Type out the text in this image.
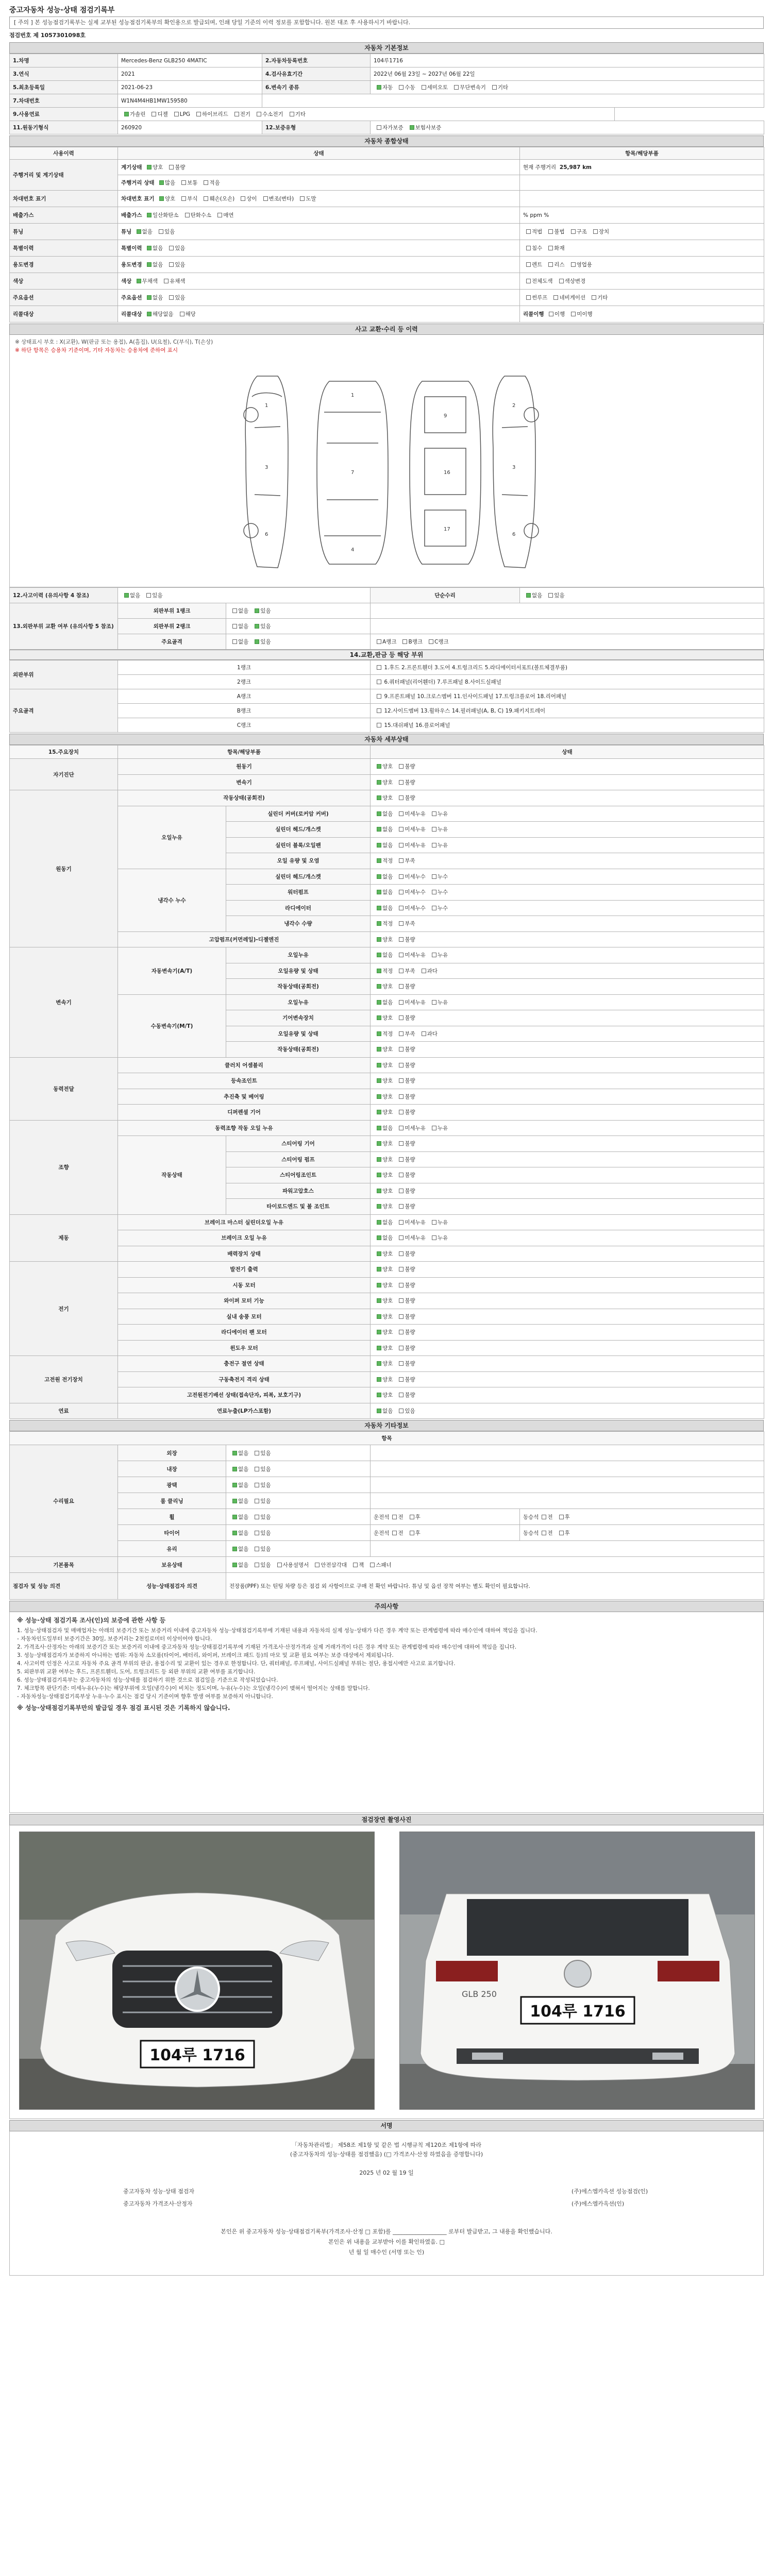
중고자동차 성능·상태 점검기록부
[ 주의 ] 본 성능점검기록부는 실제 교부된 성능점검기록부의 확인용으로 발급되며, 인쇄 당일 기준의 이력 정보를 포함합니다. 원본 대조 후 사용하시기 바랍니다.
점검번호 제 1057301098호
자동차 기본정보
1.차명	Mercedes-Benz GLB250 4MATIC	2.자동차등록번호	104루1716
3.연식	2021	4.검사유효기간	2022년 06월 23일 ~ 2027년 06월 22일
5.최초등록일	2021-06-23	6.변속기 종류	자동 수동 세미오토 무단변속기 기타
7.차대번호	W1N4M4HB1MW159580		
9.사용연료	가솔린 디젤 LPG 하이브리드 전기 수소전기 기타		
11.원동기형식	260920	12.보증유형	자가보증 보험사보증
자동차 종합상태
사용이력	상태	항목/해당부품
주행거리 및 계기상태	계기상태 양호 불량	현재 주행거리 25,987 km
	주행거리 상태 많음 보통 적음	
차대번호 표기	차대번호 표기 양호 부식 훼손(오손) 상이 변조(변타) 도말	
배출가스	배출가스 일산화탄소 탄화수소 매연	% ppm %
튜닝	튜닝 없음 있음	적법 불법 구조 장치
특별이력	특별이력 없음 있음	침수 화재
용도변경	용도변경 없음 있음	렌트 리스 영업용
색상	색상 무채색 유채색	전체도색 색상변경
주요옵션	주요옵션 없음 있음	썬루프 네비게이션 기타
리콜대상	리콜대상 해당없음 해당	리콜이행 이행 미이행
사고 교환·수리 등 이력
※ 상태표시 부호 : X(교환), W(판금 또는 용접), A(흠집), U(요철), C(부식), T(손상)
※ 하단 항목은 승용차 기준이며, 기타 자동차는 승용차에 준하여 표시
1
3
6
1
7
4
9
16
17
2
3
6
12.사고이력 (유의사항 4 참조)	없음 있음		단순수리	없음 있음
13.외판부위 교환 여부 (유의사항 5 참조)	외판부위 1랭크	없음 있음		
	외판부위 2랭크	없음 있음		
	주요골격	없음 있음	A랭크 B랭크 C랭크	
14.교환,판금 등 해당 부위
외판부위	1랭크	1.후드 2.프론트휀더 3.도어 4.트렁크리드 5.라디에이터서포트(볼트체결부품)
	2랭크	6.쿼터패널(리어휀더) 7.루프패널 8.사이드실패널
주요골격	A랭크	9.프론트패널 10.크로스멤버 11.인사이드패널 17.트렁크플로어 18.리어패널
	B랭크	12.사이드멤버 13.휠하우스 14.필러패널(A, B, C) 19.패키지트레이
	C랭크	15.대쉬패널 16.플로어패널
자동차 세부상태
15.주요장치	항목/해당부품		상태
자기진단	원동기		양호 불량
	변속기		양호 불량
원동기	작동상태(공회전)		양호 불량
	오일누유	실린더 커버(로커암 커버)	없음 미세누유 누유
		실린더 헤드/개스켓	없음 미세누유 누유
		실린더 블록/오일팬	없음 미세누유 누유
		오일 유량 및 오염	적정 부족
	냉각수 누수	실린더 헤드/개스켓	없음 미세누수 누수
		워터펌프	없음 미세누수 누수
		라디에이터	없음 미세누수 누수
		냉각수 수량	적정 부족
	고압펌프(커먼레일)-디젤엔진		양호 불량
변속기	자동변속기(A/T)	오일누유	없음 미세누유 누유
		오일유량 및 상태	적정 부족 과다
		작동상태(공회전)	양호 불량
	수동변속기(M/T)	오일누유	없음 미세누유 누유
		기어변속장치	양호 불량
		오일유량 및 상태	적정 부족 과다
		작동상태(공회전)	양호 불량
동력전달	클러치 어셈블리		양호 불량
	등속조인트		양호 불량
	추진축 및 베어링		양호 불량
	디퍼렌셜 기어		양호 불량
조향	동력조향 작동 오일 누유		없음 미세누유 누유
	작동상태	스티어링 기어	양호 불량
		스티어링 펌프	양호 불량
		스티어링조인트	양호 불량
		파워고압호스	양호 불량
		타이로드엔드 및 볼 조인트	양호 불량
제동	브레이크 마스터 실린더오일 누유		없음 미세누유 누유
	브레이크 오일 누유		없음 미세누유 누유
	배력장치 상태		양호 불량
전기	발전기 출력		양호 불량
	시동 모터		양호 불량
	와이퍼 모터 기능		양호 불량
	실내 송풍 모터		양호 불량
	라디에이터 팬 모터		양호 불량
	윈도우 모터		양호 불량
고전원 전기장치	충전구 절연 상태		양호 불량
	구동축전지 격리 상태		양호 불량
	고전원전기배선 상태(접속단자, 피복, 보호기구)		양호 불량
연료	연료누출(LP가스포함)		없음 있음
자동차 기타정보
항목				
수리필요	외장	없음 있음		
	내장	없음 있음		
	광택	없음 있음		
	룸 클리닝	없음 있음		
	휠	없음 있음	운전석 전 후	동승석 전 후
	타이어	없음 있음	운전석 전 후	동승석 전 후
	유리	없음 있음		
기본품목	보유상태	없음 있음 사용설명서 안전삼각대 잭 스패너		
점검자 및 성능 의견	성능·상태점검자 의견	전장품(PPF) 또는 틴팅 차량 등은 점검 외 사항이므로 구매 전 확인 바랍니다. 튜닝 및 옵션 장착 여부는 별도 확인이 필요합니다.		
주의사항
※ 성능·상태 점검기록 조사(인)의 보증에 관한 사항 등
1. 성능·상태점검자 및 매매업자는 아래의 보증기간 또는 보증거리 이내에 중고자동차 성능·상태점검기록부에 기재된 내용과 자동차의 실제 성능·상태가 다른 경우 계약 또는 관계법령에 따라 매수인에 대하여 책임을 집니다.
- 자동차인도일부터 보증기간은 30일, 보증거리는 2천킬로미터 이상이어야 합니다.
2. 가격조사·산정자는 아래의 보증기간 또는 보증거리 이내에 중고자동차 성능·상태점검기록부에 기재된 가격조사·산정가격과 실제 거래가격이 다른 경우 계약 또는 관계법령에 따라 매수인에 대하여 책임을 집니다.
3. 성능·상태점검자가 보증하지 아니하는 범위: 자동차 소모품(타이어, 배터리, 와이퍼, 브레이크 패드 등)의 마모 및 교환 필요 여부는 보증 대상에서 제외됩니다.
4. 사고이력 인정은 사고로 자동차 주요 골격 부위의 판금, 용접수리 및 교환이 있는 경우로 한정합니다. 단, 쿼터패널, 루프패널, 사이드실패널 부위는 절단, 용접시에만 사고로 표기합니다.
5. 외판부위 교환 여부는 후드, 프론트휀더, 도어, 트렁크리드 등 외판 부위의 교환 여부를 표기합니다.
6. 성능·상태점검기록부는 중고자동차의 성능·상태를 점검하기 위한 것으로 점검일을 기준으로 작성되었습니다.
7. 체크항목 판단기준: 미세누유(누수)는 해당부위에 오일(냉각수)이 비치는 정도이며, 누유(누수)는 오일(냉각수)이 맺혀서 떨어지는 상태를 말합니다.
- 자동차성능·상태점검기록부상 누유·누수 표시는 점검 당시 기준이며 향후 발생 여부를 보증하지 아니합니다.
※ 성능·상태점검기록부만의 발급일 경우 점검 표시된 것은 기록하지 않습니다.
점검장면 촬영사진
104루 1716
GLB 250
104루 1716
서명
「자동차관리법」 제58조 제1항 및 같은 법 시행규칙 제120조 제1항에 따라
(중고자동차의 성능·상태를 점검했음) (□ 가격조사·산정 하였음을 증명합니다)
2025 년 02 월 19 일
중고자동차 성능·상태 점검자	(주)에스엠카옥션 성능점검(인)
중고자동차 가격조사·산정자	(주)에스엠카옥션(인)
본인은 위 중고자동차 성능·상태점검기록부(가격조사·산정 □ 포함)를 ___________________ 로부터 발급받고, 그 내용을 확인했습니다.
본인은 위 내용을 교부받아 이를 확인하였음. □
년 월 일 매수인 (서명 또는 인)
